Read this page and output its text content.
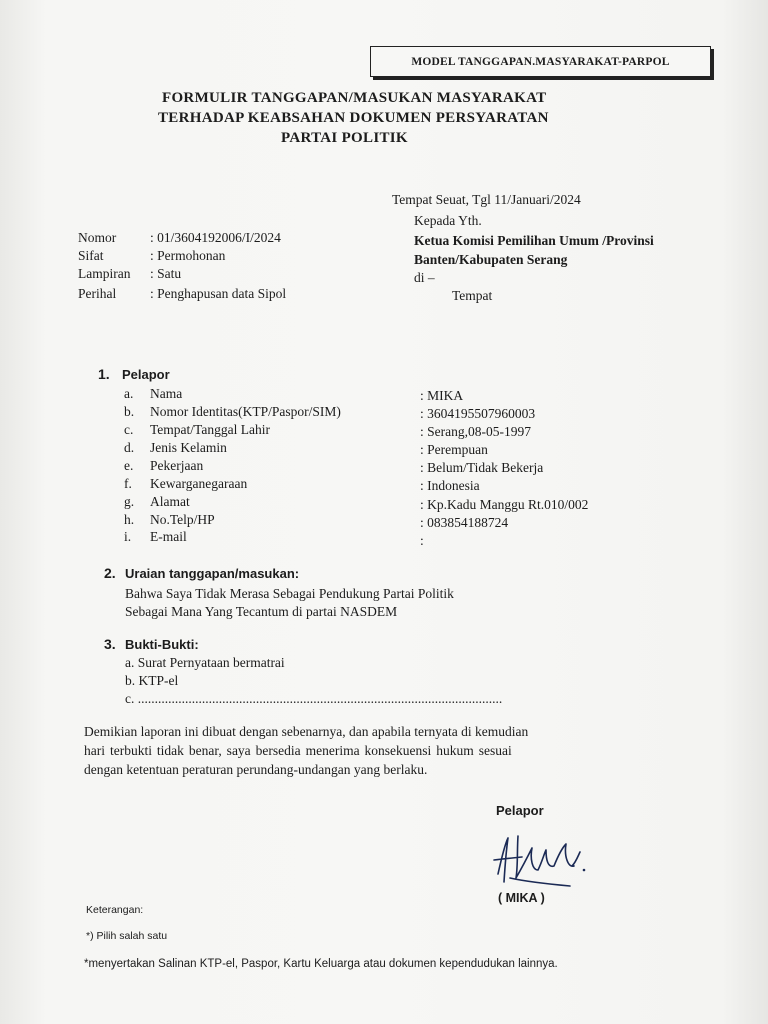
MODEL TANGGAPAN.MASYARAKAT-PARPOL
FORMULIR TANGGAPAN/MASUKAN MASYARAKAT
TERHADAP KEABSAHAN DOKUMEN PERSYARATAN
PARTAI POLITIK
Tempat Seuat, Tgl 11/Januari/2024
Kepada Yth.
Ketua Komisi Pemilihan Umum /Provinsi
Banten/Kabupaten Serang
di –
Tempat
Nomor	: 01/3604192006/I/2024
Sifat	: Permohonan
Lampiran : Satu
Perihal	: Penghapusan data Sipol
1. Pelapor
a. Nama	: MIKA
b. Nomor Identitas(KTP/Paspor/SIM)	: 3604195507960003
c. Tempat/Tanggal Lahir	: Serang,08-05-1997
d. Jenis Kelamin	: Perempuan
e. Pekerjaan	: Belum/Tidak Bekerja
f. Kewarganegaraan	: Indonesia
g. Alamat	: Kp.Kadu Manggu Rt.010/002
h. No.Telp/HP	: 083854188724
i. E-mail	:
2. Uraian tanggapan/masukan:
Bahwa Saya Tidak Merasa Sebagai Pendukung Partai Politik
Sebagai Mana Yang Tecantum di partai NASDEM
3. Bukti-Bukti:
a. Surat Pernyataan bermatrai
b. KTP-el
c. ............................................................................................................
Demikian laporan ini dibuat dengan sebenarnya, dan apabila ternyata di kemudian
hari terbukti tidak benar, saya bersedia menerima konsekuensi hukum sesuai
dengan ketentuan peraturan perundang-undangan yang berlaku.
Pelapor
( MIKA )
Keterangan:
*) Pilih salah satu
*menyertakan Salinan KTP-el, Paspor, Kartu Keluarga atau dokumen kependudukan lainnya.
